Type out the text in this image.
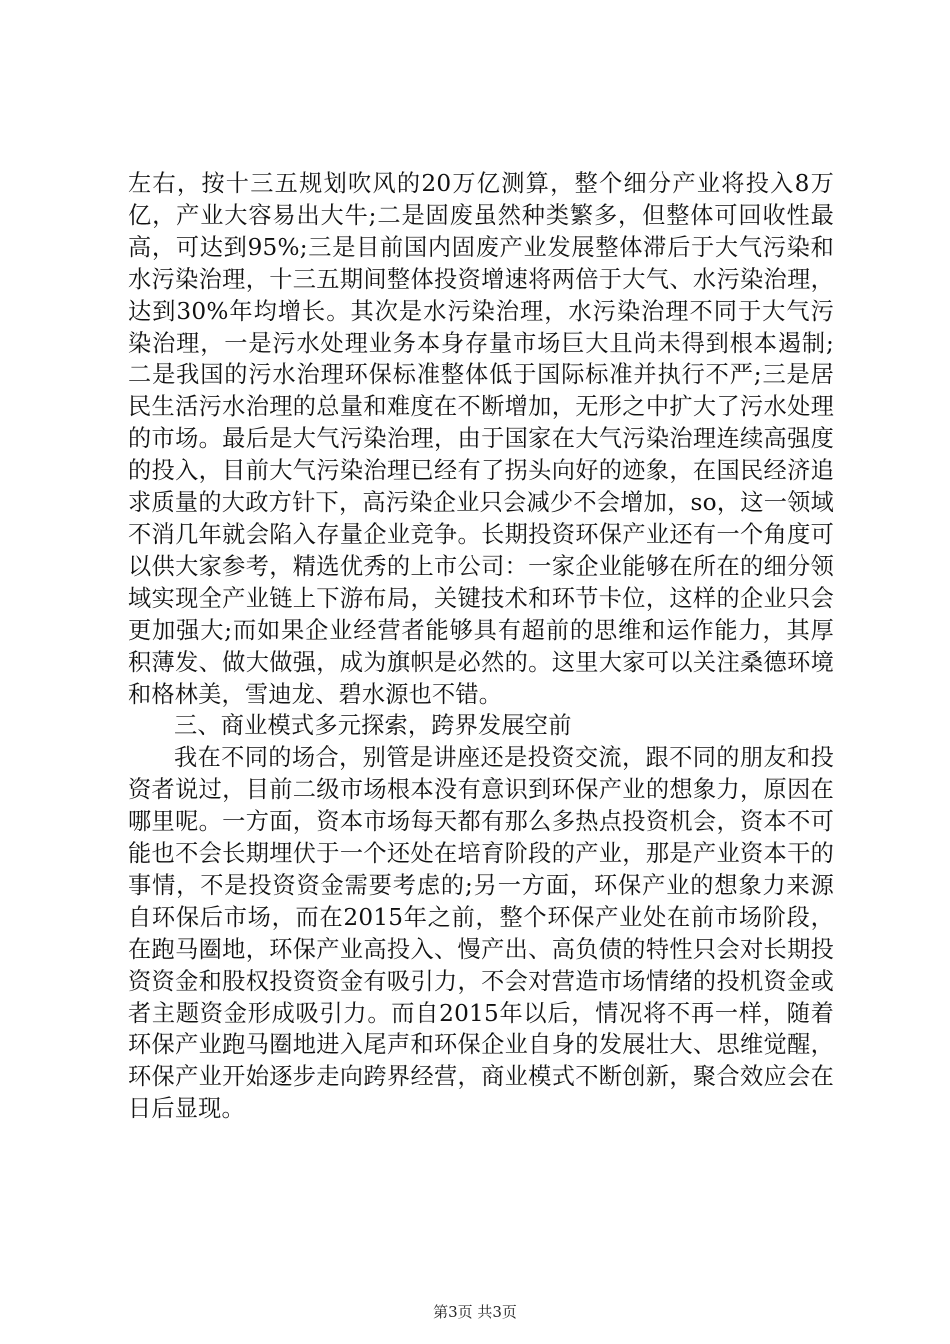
左右，按十三五规划吹风的20万亿测算，整个细分产业将投入8万亿，产业大容易出大牛;二是固废虽然种类繁多，但整体可回收性最高，可达到95%;三是目前国内固废产业发展整体滞后于大气污染和水污染治理，十三五期间整体投资增速将两倍于大气、水污染治理，达到30%年均增长。其次是水污染治理，水污染治理不同于大气污染治理，一是污水处理业务本身存量市场巨大且尚未得到根本遏制;二是我国的污水治理环保标准整体低于国际标准并执行不严;三是居民生活污水治理的总量和难度在不断增加，无形之中扩大了污水处理的市场。最后是大气污染治理，由于国家在大气污染治理连续高强度的投入，目前大气污染治理已经有了拐头向好的迹象，在国民经济追求质量的大政方针下，高污染企业只会减少不会增加，so，这一领域不消几年就会陷入存量企业竞争。长期投资环保产业还有一个角度可以供大家参考，精选优秀的上市公司：一家企业能够在所在的细分领域实现全产业链上下游布局，关键技术和环节卡位，这样的企业只会更加强大;而如果企业经营者能够具有超前的思维和运作能力，其厚积薄发、做大做强，成为旗帜是必然的。这里大家可以关注桑德环境和格林美，雪迪龙、碧水源也不错。

三、商业模式多元探索，跨界发展空前

我在不同的场合，别管是讲座还是投资交流，跟不同的朋友和投资者说过，目前二级市场根本没有意识到环保产业的想象力，原因在哪里呢。一方面，资本市场每天都有那么多热点投资机会，资本不可能也不会长期埋伏于一个还处在培育阶段的产业，那是产业资本干的事情，不是投资资金需要考虑的;另一方面，环保产业的想象力来源自环保后市场，而在2015年之前，整个环保产业处在前市场阶段，在跑马圈地，环保产业高投入、慢产出、高负债的特性只会对长期投资资金和股权投资资金有吸引力，不会对营造市场情绪的投机资金或者主题资金形成吸引力。而自2015年以后，情况将不再一样，随着环保产业跑马圈地进入尾声和环保企业自身的发展壮大、思维觉醒，环保产业开始逐步走向跨界经营，商业模式不断创新，聚合效应会在日后显现。

第3页 共3页
